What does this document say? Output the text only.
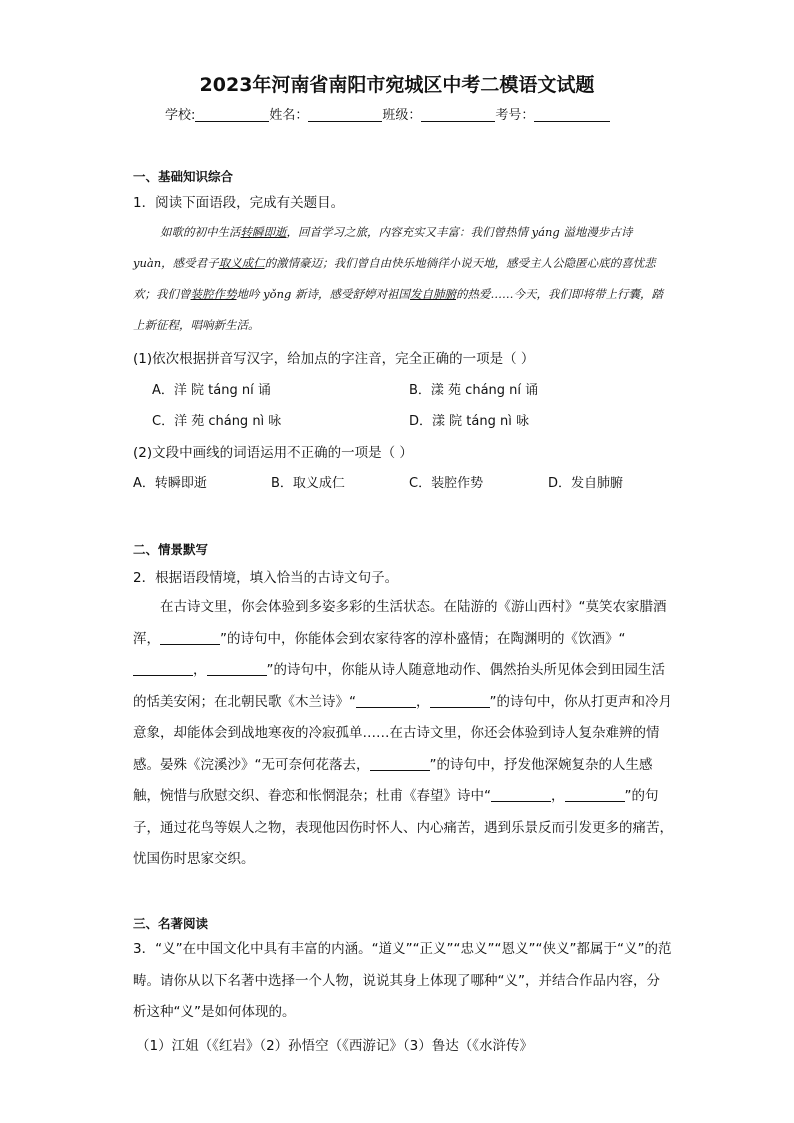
2023年河南省南阳市宛城区中考二模语文试题
学校:	姓名：	班级：	考号：
一、基础知识综合
1．阅读下面语段，完成有关题目。
如歌的初中生活转瞬即逝，回首学习之旅，内容充实又丰富：我们曾热情 yáng 溢地漫步古诗 yuàn，感受君子取义成仁的激情豪迈；我们曾自由快乐地徜徉小说天地，感受主人公隐匿心底的喜忧悲欢；我们曾装腔作势地吟 yǒng 新诗，感受舒婷对祖国发自肺腑的热爱……今天，我们即将带上行囊，踏上新征程，唱响新生活。
(1)依次根据拼音写汉字，给加点的字注音，完全正确的一项是（ ）
A．洋 院 táng ní 诵	B．漾 苑 cháng ní 诵
C．洋 苑 cháng nì 咏	D．漾 院 táng nì 咏
(2)文段中画线的词语运用不正确的一项是（ ）
A．转瞬即逝	B．取义成仁	C．装腔作势	D．发自肺腑
二、情景默写
2．根据语段情境，填入恰当的古诗文句子。
在古诗文里，你会体验到多姿多彩的生活状态。在陆游的《游山西村》“莫笑农家腊酒浑，	”的诗句中，你能体会到农家待客的淳朴盛情；在陶渊明的《饮酒》“，	”的诗句中，你能从诗人随意地动作、偶然抬头所见体会到田园生活的恬美安闲；在北朝民歌《木兰诗》“	，	”的诗句中，你从打更声和冷月意象，却能体会到战地寒夜的冷寂孤单……在古诗文里，你还会体验到诗人复杂难辨的情感。晏殊《浣溪沙》“无可奈何花落去，	”的诗句中，抒发他深婉复杂的人生感触，惋惜与欣慰交织、眷恋和怅惘混杂；杜甫《春望》诗中“	，	”的句子，通过花鸟等娱人之物，表现他因伤时怀人、内心痛苦，遇到乐景反而引发更多的痛苦，忧国伤时思家交织。
三、名著阅读
3．“义”在中国文化中具有丰富的内涵。“道义”“正义”“忠义”“恩义”“侠义”都属于“义”的范畴。请你从以下名著中选择一个人物，说说其身上体现了哪种“义”，并结合作品内容，分析这种“义”是如何体现的。
（1）江姐（《红岩》（2）孙悟空（《西游记》（3）鲁达（《水浒传》
